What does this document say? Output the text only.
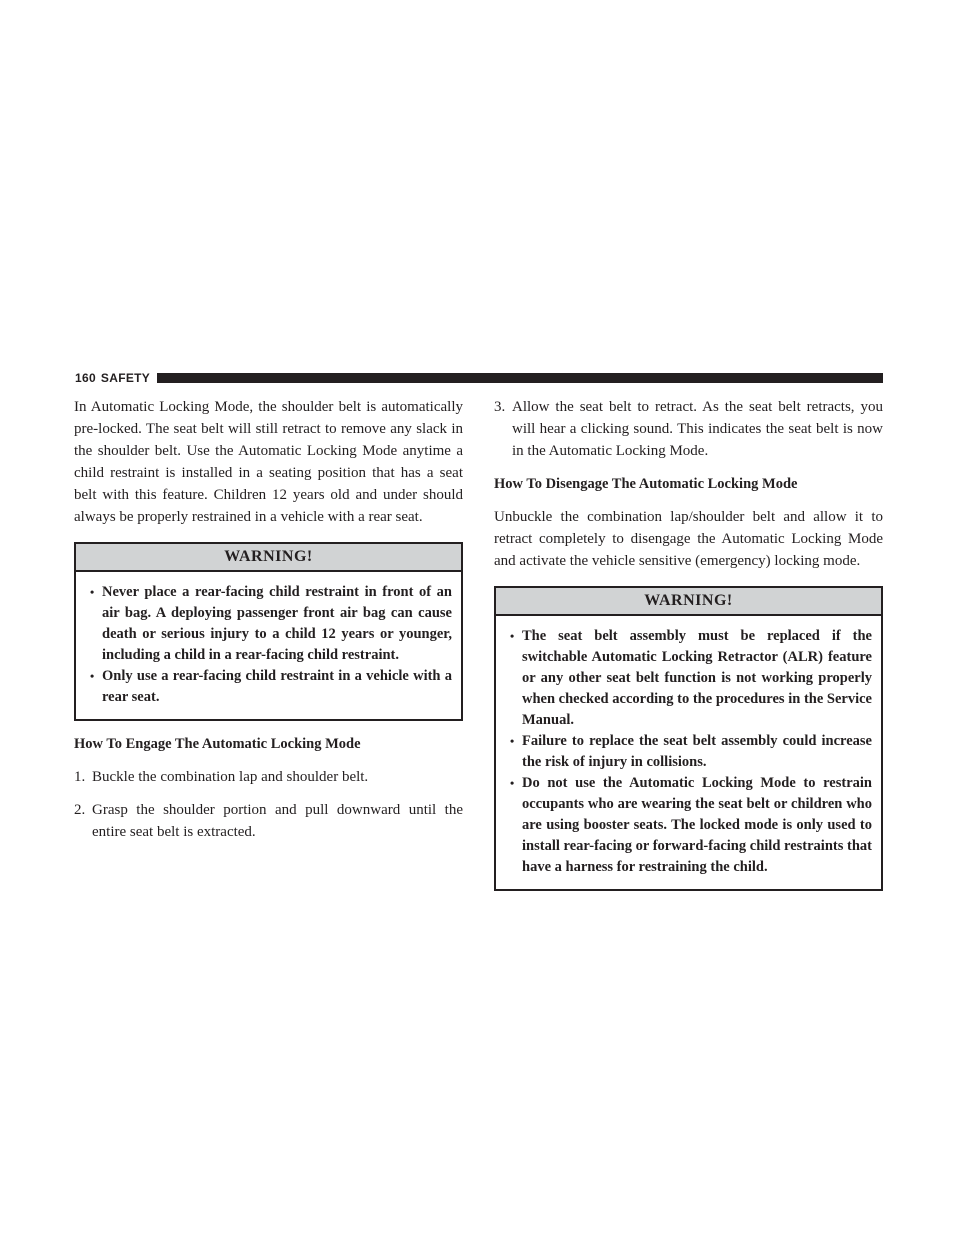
160 SAFETY

In Automatic Locking Mode, the shoulder belt is automatically pre-locked. The seat belt will still retract to remove any slack in the shoulder belt. Use the Automatic Locking Mode anytime a child restraint is installed in a seating position that has a seat belt with this feature. Children 12 years old and under should always be properly restrained in a vehicle with a rear seat.

WARNING!
• Never place a rear-facing child restraint in front of an air bag. A deploying passenger front air bag can cause death or serious injury to a child 12 years or younger, including a child in a rear-facing child restraint.
• Only use a rear-facing child restraint in a vehicle with a rear seat.

How To Engage The Automatic Locking Mode

1. Buckle the combination lap and shoulder belt.
2. Grasp the shoulder portion and pull downward until the entire seat belt is extracted.
3. Allow the seat belt to retract. As the seat belt retracts, you will hear a clicking sound. This indicates the seat belt is now in the Automatic Locking Mode.

How To Disengage The Automatic Locking Mode

Unbuckle the combination lap/shoulder belt and allow it to retract completely to disengage the Automatic Locking Mode and activate the vehicle sensitive (emergency) locking mode.

WARNING!
• The seat belt assembly must be replaced if the switchable Automatic Locking Retractor (ALR) feature or any other seat belt function is not working properly when checked according to the procedures in the Service Manual.
• Failure to replace the seat belt assembly could increase the risk of injury in collisions.
• Do not use the Automatic Locking Mode to restrain occupants who are wearing the seat belt or children who are using booster seats. The locked mode is only used to install rear-facing or forward-facing child restraints that have a harness for restraining the child.
